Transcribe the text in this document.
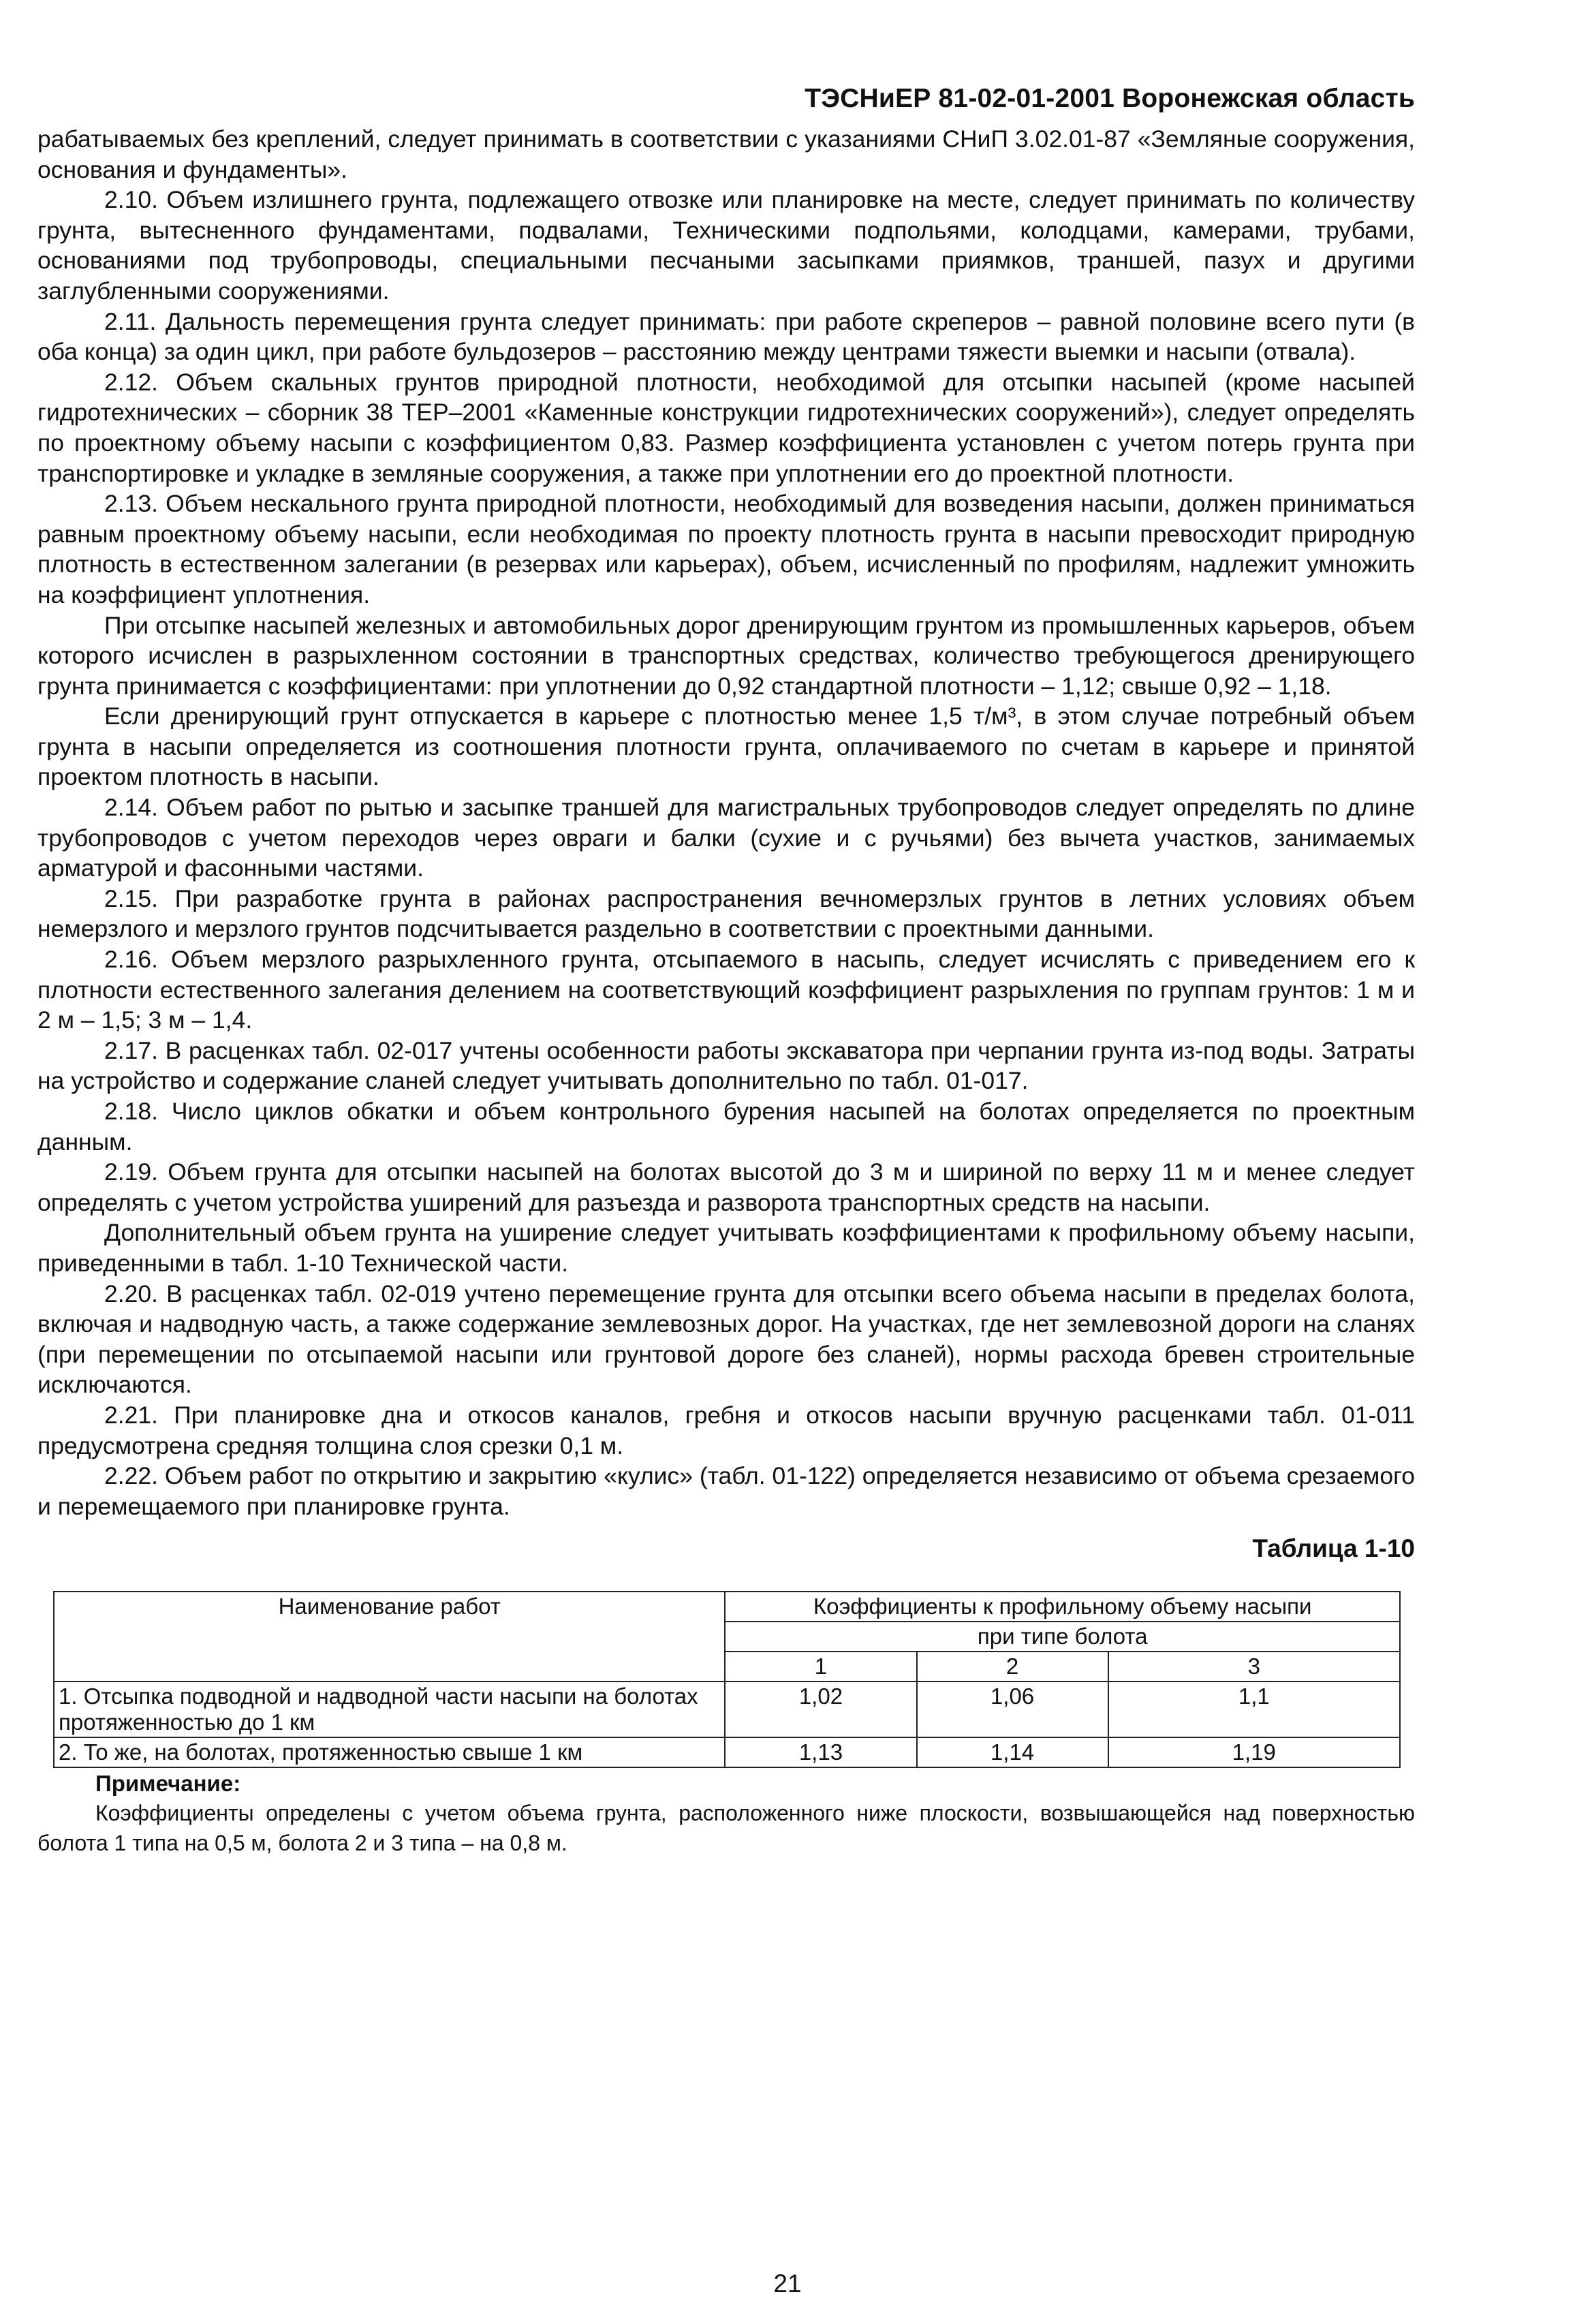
ТЭСНиЕР 81-02-01-2001 Воронежская область

рабатываемых без креплений, следует принимать в соответствии с указаниями СНиП 3.02.01-87 «Земляные сооружения, основания и фундаменты».

2.10. Объем излишнего грунта, подлежащего отвозке или планировке на месте, следует принимать по количеству грунта, вытесненного фундаментами, подвалами, Техническими подпольями, колодцами, камерами, трубами, основаниями под трубопроводы, специальными песчаными засыпками приямков, траншей, пазух и другими заглубленными сооружениями.

2.11. Дальность перемещения грунта следует принимать: при работе скреперов – равной половине всего пути (в оба конца) за один цикл, при работе бульдозеров – расстоянию между центрами тяжести выемки и насыпи (отвала).

2.12. Объем скальных грунтов природной плотности, необходимой для отсыпки насыпей (кроме насыпей гидротехнических – сборник 38 ТЕР–2001 «Каменные конструкции гидротехнических сооружений»), следует определять по проектному объему насыпи с коэффициентом 0,83. Размер коэффициента установлен с учетом потерь грунта при транспортировке и укладке в земляные сооружения, а также при уплотнении его до проектной плотности.

2.13. Объем нескального грунта природной плотности, необходимый для возведения насыпи, должен приниматься равным проектному объему насыпи, если необходимая по проекту плотность грунта в насыпи превосходит природную плотность в естественном залегании (в резервах или карьерах), объем, исчисленный по профилям, надлежит умножить на коэффициент уплотнения.

При отсыпке насыпей железных и автомобильных дорог дренирующим грунтом из промышленных карьеров, объем которого исчислен в разрыхленном состоянии в транспортных средствах, количество требующегося дренирующего грунта принимается с коэффициентами: при уплотнении до 0,92 стандартной плотности – 1,12; свыше 0,92 – 1,18.

Если дренирующий грунт отпускается в карьере с плотностью менее 1,5 т/м³, в этом случае потребный объем грунта в насыпи определяется из соотношения плотности грунта, оплачиваемого по счетам в карьере и принятой проектом плотность в насыпи.

2.14. Объем работ по рытью и засыпке траншей для магистральных трубопроводов следует определять по длине трубопроводов с учетом переходов через овраги и балки (сухие и с ручьями) без вычета участков, занимаемых арматурой и фасонными частями.

2.15. При разработке грунта в районах распространения вечномерзлых грунтов в летних условиях объем немерзлого и мерзлого грунтов подсчитывается раздельно в соответствии с проектными данными.

2.16. Объем мерзлого разрыхленного грунта, отсыпаемого в насыпь, следует исчислять с приведением его к плотности естественного залегания делением на соответствующий коэффициент разрыхления по группам грунтов: 1 м и 2 м – 1,5; 3 м – 1,4.

2.17. В расценках табл. 02-017 учтены особенности работы экскаватора при черпании грунта из-под воды. Затраты на устройство и содержание сланей следует учитывать дополнительно по табл. 01-017.

2.18. Число циклов обкатки и объем контрольного бурения насыпей на болотах определяется по проектным данным.

2.19. Объем грунта для отсыпки насыпей на болотах высотой до 3 м и шириной по верху 11 м и менее следует определять с учетом устройства уширений для разъезда и разворота транспортных средств на насыпи.

Дополнительный объем грунта на уширение следует учитывать коэффициентами к профильному объему насыпи, приведенными в табл. 1-10 Технической части.

2.20. В расценках табл. 02-019 учтено перемещение грунта для отсыпки всего объема насыпи в пределах болота, включая и надводную часть, а также содержание землевозных дорог. На участках, где нет землевозной дороги на сланях (при перемещении по отсыпаемой насыпи или грунтовой дороге без сланей), нормы расхода бревен строительные исключаются.

2.21. При планировке дна и откосов каналов, гребня и откосов насыпи вручную расценками табл. 01-011 предусмотрена средняя толщина слоя срезки 0,1 м.

2.22. Объем работ по открытию и закрытию «кулис» (табл. 01-122) определяется независимо от объема срезаемого и перемещаемого при планировке грунта.

Таблица 1-10
Наименование работ	Коэффициенты к профильному объему насыпи		
	при типе болота		
	1	2	3
1. Отсыпка подводной и надводной части насыпи на болотах протяженностью до 1 км	1,02	1,06	1,1
2. То же, на болотах, протяженностью свыше 1 км	1,13	1,14	1,19
Примечание:

Коэффициенты определены с учетом объема грунта, расположенного ниже плоскости, возвышающейся над поверхностью болота 1 типа на 0,5 м, болота 2 и 3 типа – на 0,8 м.

21
